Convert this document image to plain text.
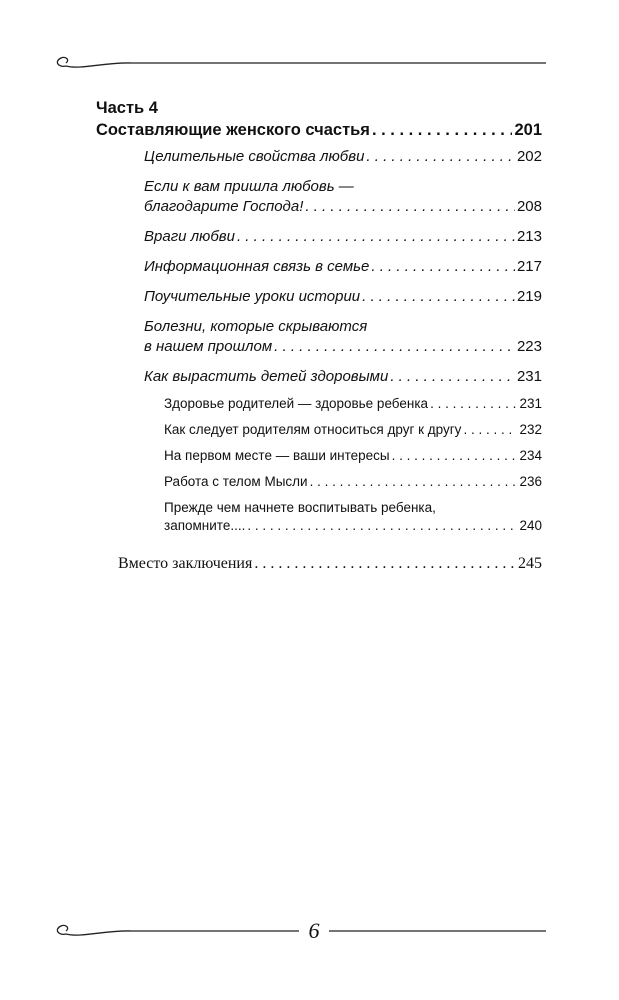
Часть 4
Составляющие женского счастья . . .	201
Целительные свойства любви . . .	202
Если к вам пришла любовь —
благодарите Господа! . . .	208
Враги любви . . .	213
Информационная связь в семье . . .	217
Поучительные уроки истории . . .	219
Болезни, которые скрываются
в нашем прошлом . . .	223
Как вырастить детей здоровыми . . .	231
Здоровье родителей — здоровье ребенка . . .	231
Как следует родителям относиться друг к другу . . .	232
На первом месте — ваши интересы . . .	234
Работа с телом Мысли . . .	236
Прежде чем начнете воспитывать ребенка,
запомните.... . . .	240
Вместо заключения . . .	245
6
